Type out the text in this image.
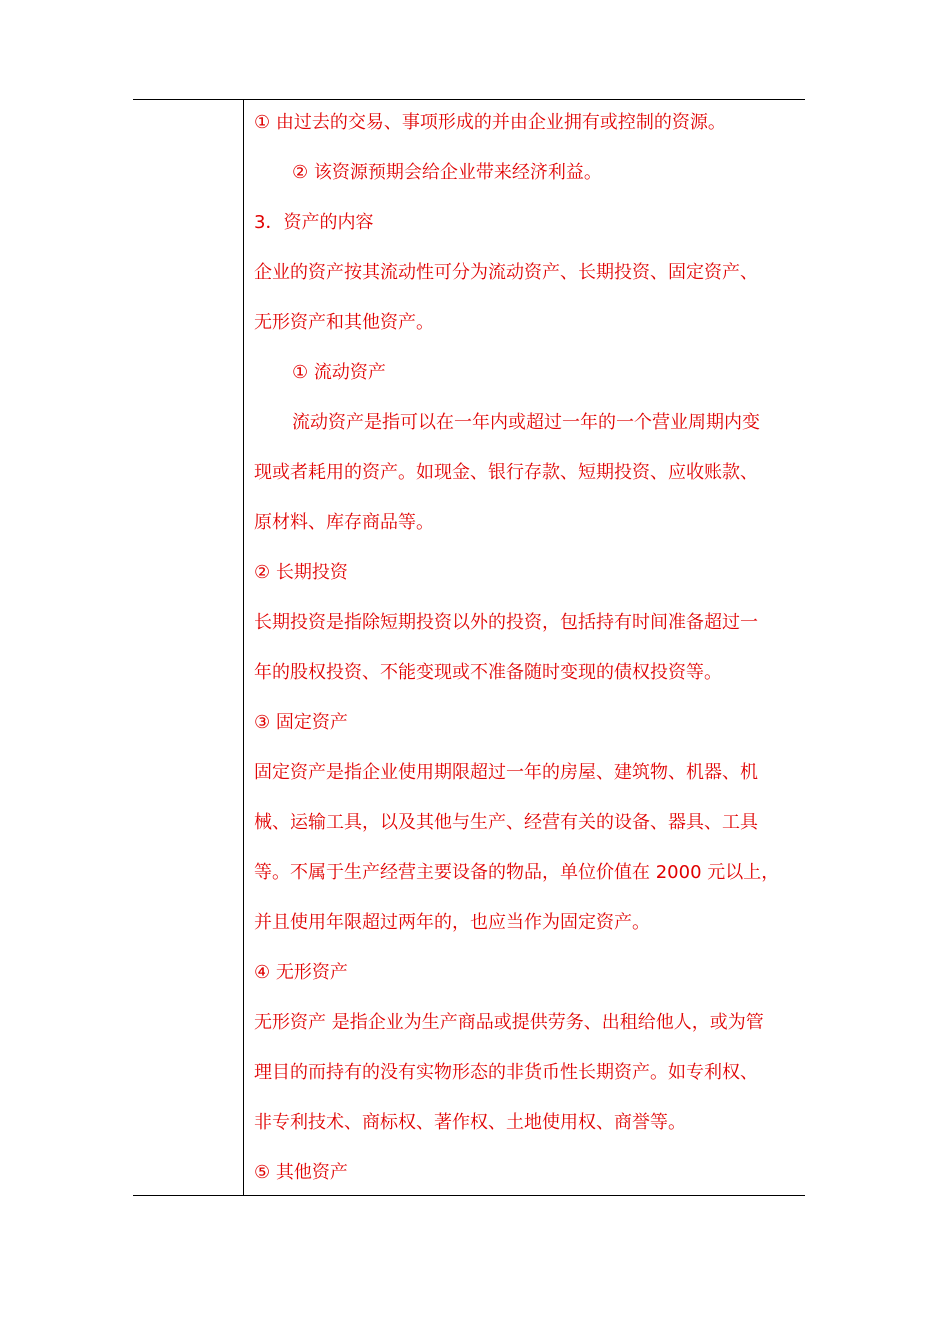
① 由过去的交易、事项形成的并由企业拥有或控制的资源。

② 该资源预期会给企业带来经济利益。

3．资产的内容

企业的资产按其流动性可分为流动资产、长期投资、固定资产、

无形资产和其他资产。

① 流动资产

流动资产是指可以在一年内或超过一年的一个营业周期内变

现或者耗用的资产。如现金、银行存款、短期投资、应收账款、

原材料、库存商品等。

② 长期投资

长期投资是指除短期投资以外的投资，包括持有时间准备超过一

年的股权投资、不能变现或不准备随时变现的债权投资等。

③ 固定资产

固定资产是指企业使用期限超过一年的房屋、建筑物、机器、机

械、运输工具，以及其他与生产、经营有关的设备、器具、工具

等。不属于生产经营主要设备的物品，单位价值在 2000 元以上，

并且使用年限超过两年的，也应当作为固定资产。

④ 无形资产

无形资产 是指企业为生产商品或提供劳务、出租给他人，或为管

理目的而持有的没有实物形态的非货币性长期资产。如专利权、

非专利技术、商标权、著作权、土地使用权、商誉等。

⑤ 其他资产
